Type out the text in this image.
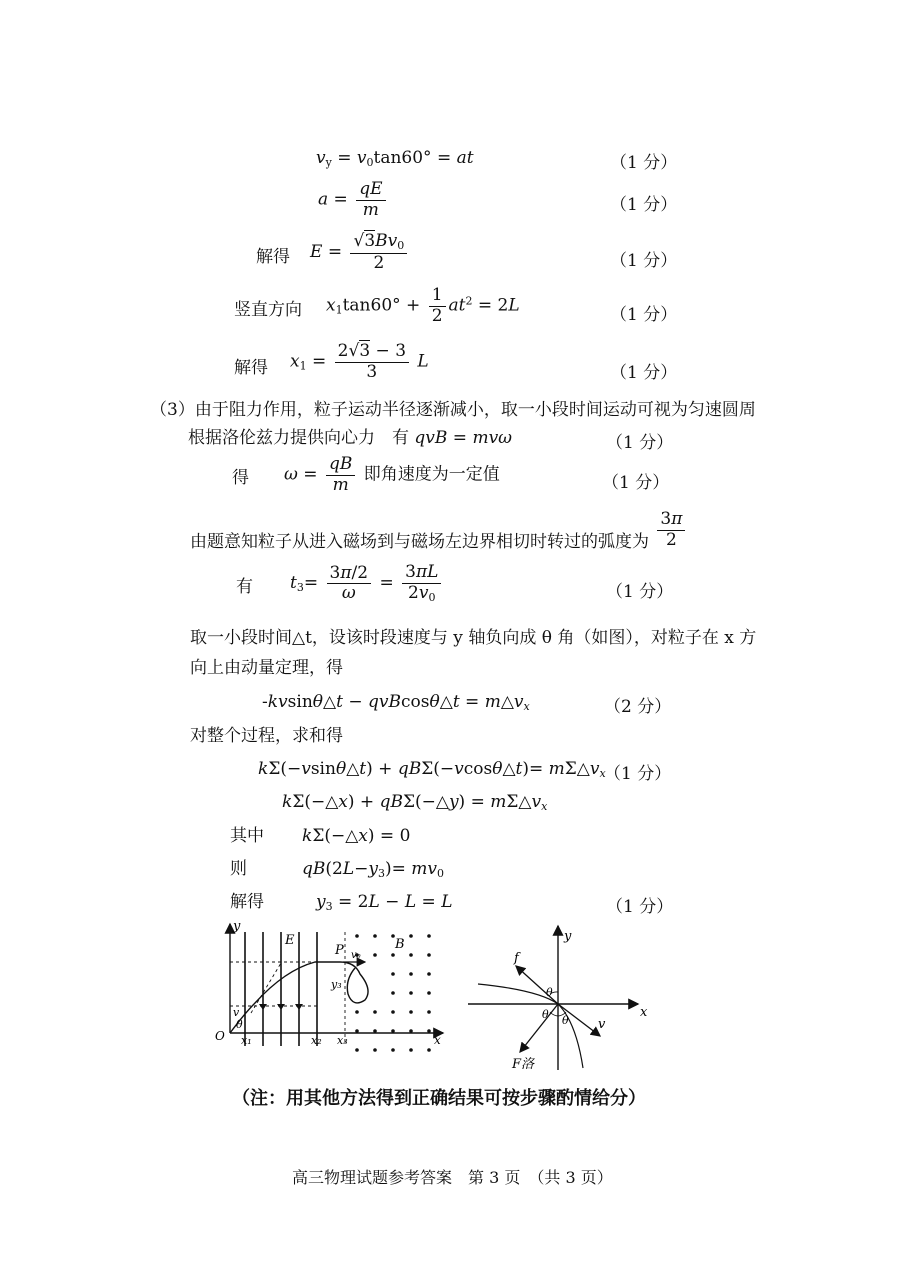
vy = v0tan60° = at	（1 分）
$a = \frac{qE}{m}$	（1 分）
解得 $E = \frac{√3Bv0}{2}$	（1 分）
竖直方向 $x1\tan 60^\circ + \frac{1}{2} at^2 = 2L$	（1 分）
解得 $x1 = \frac{2√3 - 3}{3}$ L
（1 分）
（3）由于阻力作用，粒子运动半径逐渐减小，取一小段时间运动可视为匀速圆周
根据洛伦兹力提供向心力　有 qvB = mvω	（1 分）
得 $\omega = \frac{qB}{m}$ 即角速度为一定值	（1 分）
由题意知粒子从进入磁场到与磁场左边界相切时转过的弧度为 $\frac{3\pi}{2}$
有 $t3= \frac{3\pi/2}{\omega} = \frac{3\pi L}{2v0}$	（1 分）
取一小段时间△t，设该时段速度与 y 轴负向成 θ 角（如图），对粒子在 x 方
向上由动量定理，得
-kvsinθ△t − qvBcosθ△t = m△vx	（2 分）
对整个过程，求和得
kΣ(−vsinθ△t) + qBΣ(−vcosθ△t)= mΣ△vx
（1 分）
kΣ(−△x) + qBΣ(−△y) = mΣ△vx
其中 kΣ(−△x) = 0
则	qB(2L−y3)= mv0
解得	y3 = 2L − L = L	（1 分）
y
E
P v₀
B
y₃
v
θ
O x₁	x₂ x₃	x
y
f
θ
θ θ
x
v
F洛
（注：用其他方法得到正确结果可按步骤酌情给分）
高三物理试题参考答案　第 3 页　（共 3 页）
